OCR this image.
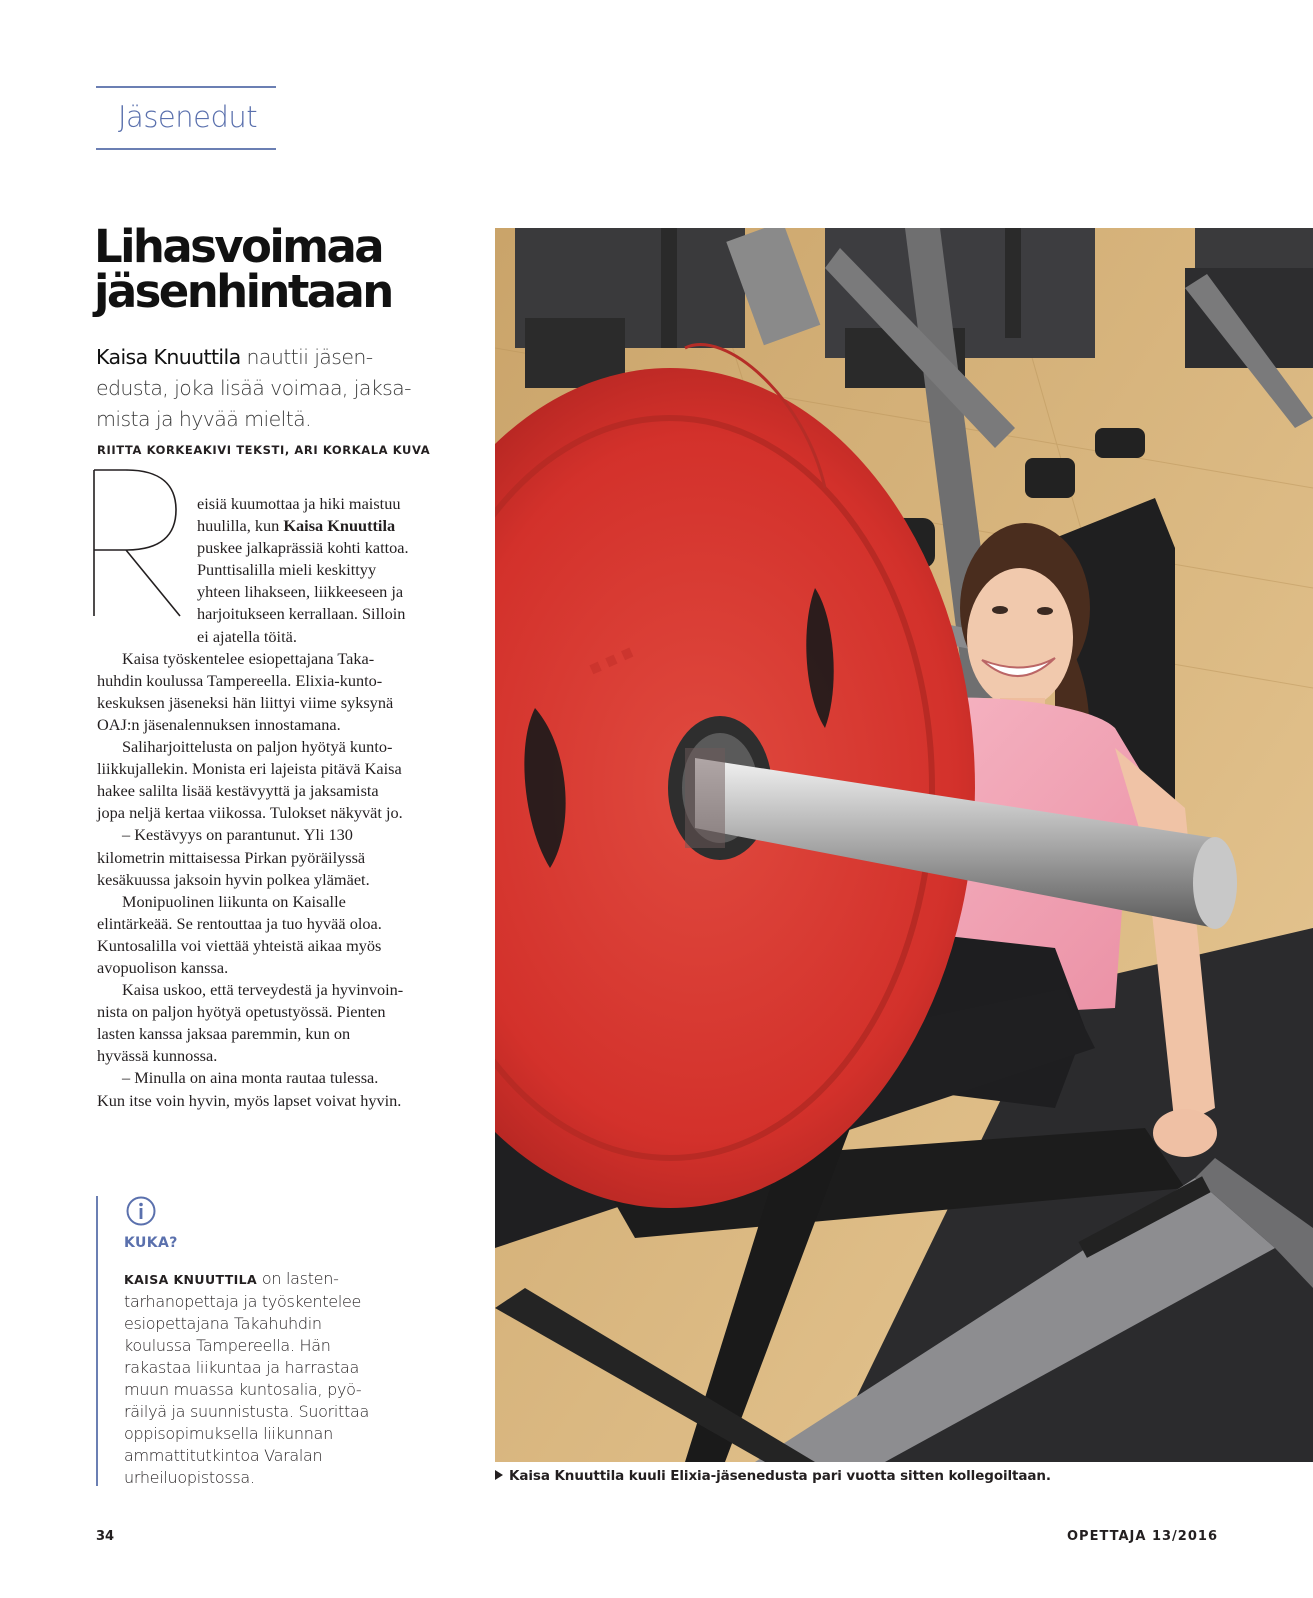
Jäsenedut
Lihasvoimaa
jäsenhintaan
Kaisa Knuuttila nauttii jäsen-
edusta, joka lisää voimaa, jaksa-
mista ja hyvää mieltä.
RIITTA KORKEAKIVI TEKSTI, ARI KORKALA KUVA
eisiä kuumottaa ja hiki maistuu
huulilla, kun Kaisa Knuuttila
puskee jalkaprässiä kohti kattoa.
Punttisalilla mieli keskittyy
yhteen lihakseen, liikkeeseen ja
harjoitukseen kerrallaan. Silloin
ei ajatella töitä.
Kaisa työskentelee esiopettajana Taka-
huhdin koulussa Tampereella. Elixia-kunto-
keskuksen jäseneksi hän liittyi viime syksynä
OAJ:n jäsenalennuksen innostamana.
Saliharjoittelusta on paljon hyötyä kunto-
liikkujallekin. Monista eri lajeista pitävä Kaisa
hakee salilta lisää kestävyyttä ja jaksamista
jopa neljä kertaa viikossa. Tulokset näkyvät jo.
– Kestävyys on parantunut. Yli 130
kilometrin mittaisessa Pirkan pyöräilyssä
kesäkuussa jaksoin hyvin polkea ylämäet.
Monipuolinen liikunta on Kaisalle
elintärkeää. Se rentouttaa ja tuo hyvää oloa.
Kuntosalilla voi viettää yhteistä aikaa myös
avopuolison kanssa.
Kaisa uskoo, että terveydestä ja hyvinvoin-
nista on paljon hyötyä opetustyössä. Pienten
lasten kanssa jaksaa paremmin, kun on
hyvässä kunnossa.
– Minulla on aina monta rautaa tulessa.
Kun itse voin hyvin, myös lapset voivat hyvin.
KUKA?
KAISA KNUUTTILA on lasten-
tarhanopettaja ja työskentelee
esiopettajana Takahuhdin
koulussa Tampereella. Hän
rakastaa liikuntaa ja harrastaa
muun muassa kuntosalia, pyö-
räilyä ja suunnistusta. Suorittaa
oppisopimuksella liikunnan
ammattitutkintoa Varalan
urheiluopistossa.
⋯
Kaisa Knuuttila kuuli Elixia-jäsenedusta pari vuotta sitten kollegoiltaan.
34	OPETTAJA 13/2016
